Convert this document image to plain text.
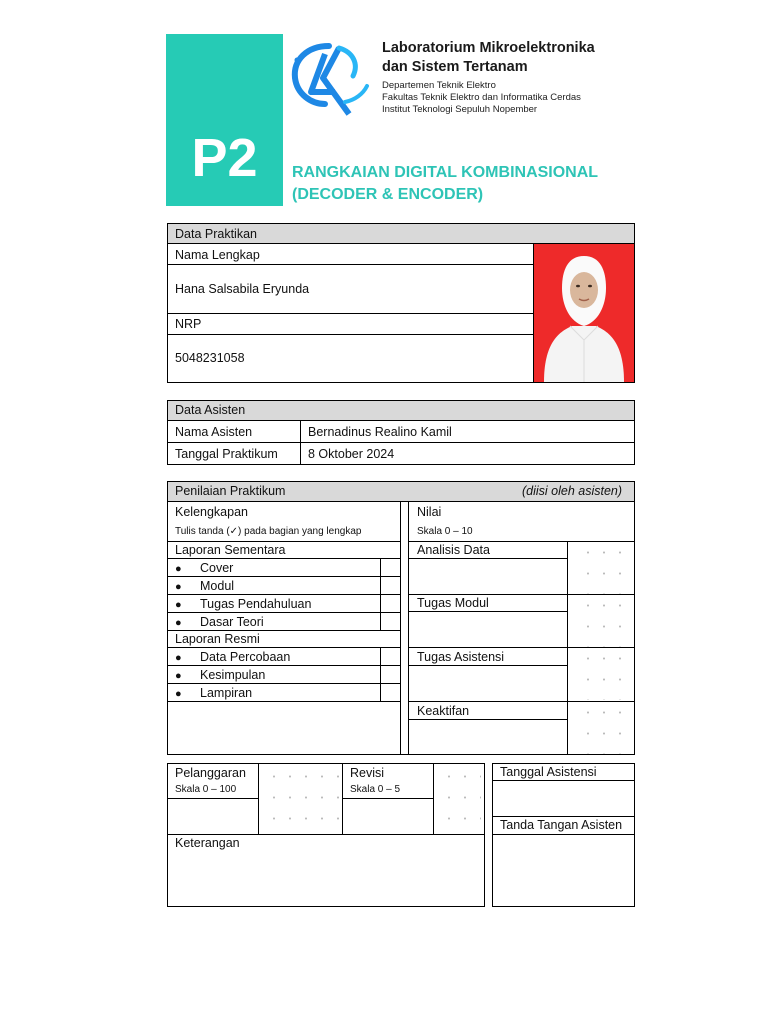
P2
Laboratorium Mikroelektronika
dan Sistem Tertanam
Departemen Teknik Elektro
Fakultas Teknik Elektro dan Informatika Cerdas
Institut Teknologi Sepuluh Nopember
RANGKAIAN DIGITAL KOMBINASIONAL
(DECODER & ENCODER)
Data Praktikan
Nama Lengkap
Hana Salsabila Eryunda
NRP
5048231058
Data Asisten
Nama Asisten	Bernadinus Realino Kamil
Tanggal Praktikum 8 Oktober 2024
Penilaian Praktikum	(diisi oleh asisten)
Kelengkapan
Tulis tanda (✓) pada bagian yang lengkap
Laporan Sementara
● Cover
● Modul
● Tugas Pendahuluan
● Dasar Teori
Laporan Resmi
● Data Percobaan
● Kesimpulan
● Lampiran
Nilai
Skala 0 – 10
Analisis Data
Tugas Modul
Tugas Asistensi
Keaktifan
Pelanggaran
Skala 0 – 100
Revisi
Skala 0 – 5
Keterangan
Tanggal Asistensi
Tanda Tangan Asisten
